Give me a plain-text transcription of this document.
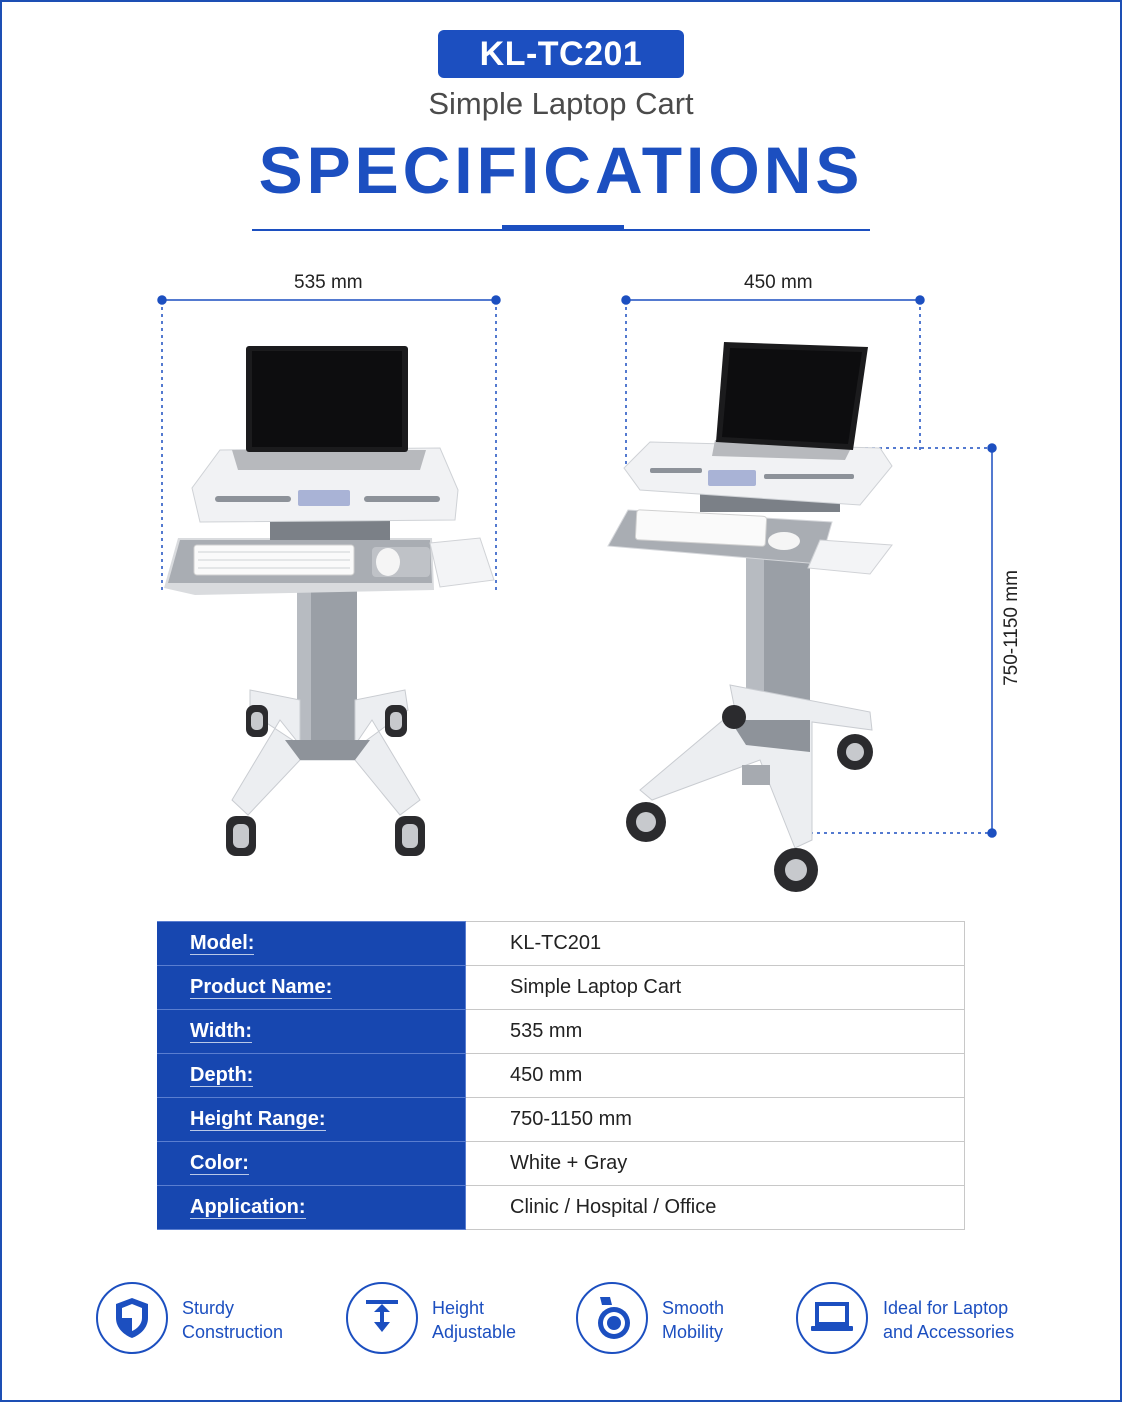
KL-TC201
Simple Laptop Cart
SPECIFICATIONS
535 mm	450 mm
750-1150 mm
Model:	KL-TC201
Product Name:	Simple Laptop Cart
Width:	535 mm
Depth:	450 mm
Height Range:	750-1150 mm
Color:	White + Gray
Application:	Clinic / Hospital / Office
Sturdy
Construction
Height
Adjustable
Smooth
Mobility
Ideal for Laptop
and Accessories
